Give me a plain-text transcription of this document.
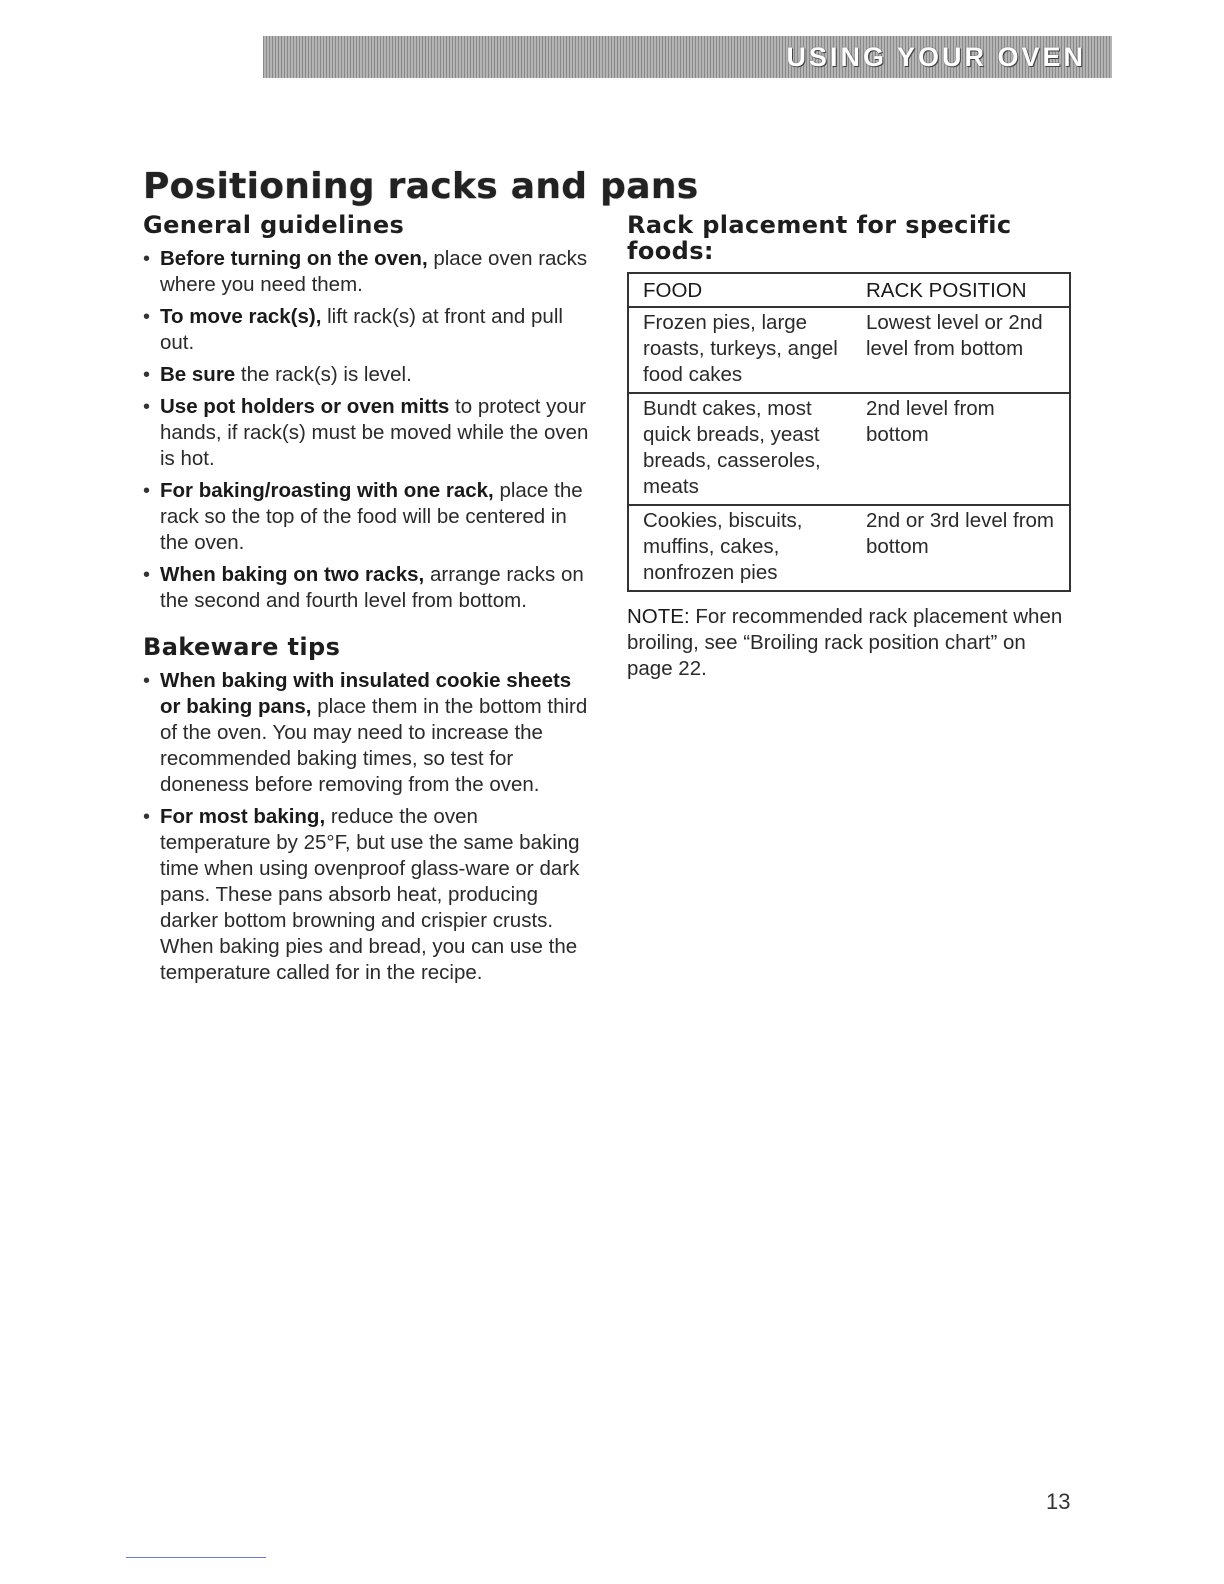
USING YOUR OVEN
Positioning racks and pans
General guidelines
• Before turning on the oven, place oven racks where you need them.
• To move rack(s), lift rack(s) at front and pull out.
• Be sure the rack(s) is level.
• Use pot holders or oven mitts to protect your hands, if rack(s) must be moved while the oven is hot.
• For baking/roasting with one rack, place the rack so the top of the food will be centered in the oven.
• When baking on two racks, arrange racks on the second and fourth level from bottom.
Bakeware tips
• When baking with insulated cookie sheets or baking pans, place them in the bottom third of the oven. You may need to increase the recommended baking times, so test for doneness before removing from the oven.
• For most baking, reduce the oven temperature by 25°F, but use the same baking time when using ovenproof glass-ware or dark pans. These pans absorb heat, producing darker bottom browning and crispier crusts. When baking pies and bread, you can use the temperature called for in the recipe.
Rack placement for specific foods:
FOOD	RACK POSITION
Frozen pies, large roasts, turkeys, angel food cakes	Lowest level or 2nd level from bottom
Bundt cakes, most quick breads, yeast breads, casseroles, meats	2nd level from bottom
Cookies, biscuits, muffins, cakes, nonfrozen pies	2nd or 3rd level from bottom

NOTE: For recommended rack placement when broiling, see “Broiling rack position chart” on page 22.

13
